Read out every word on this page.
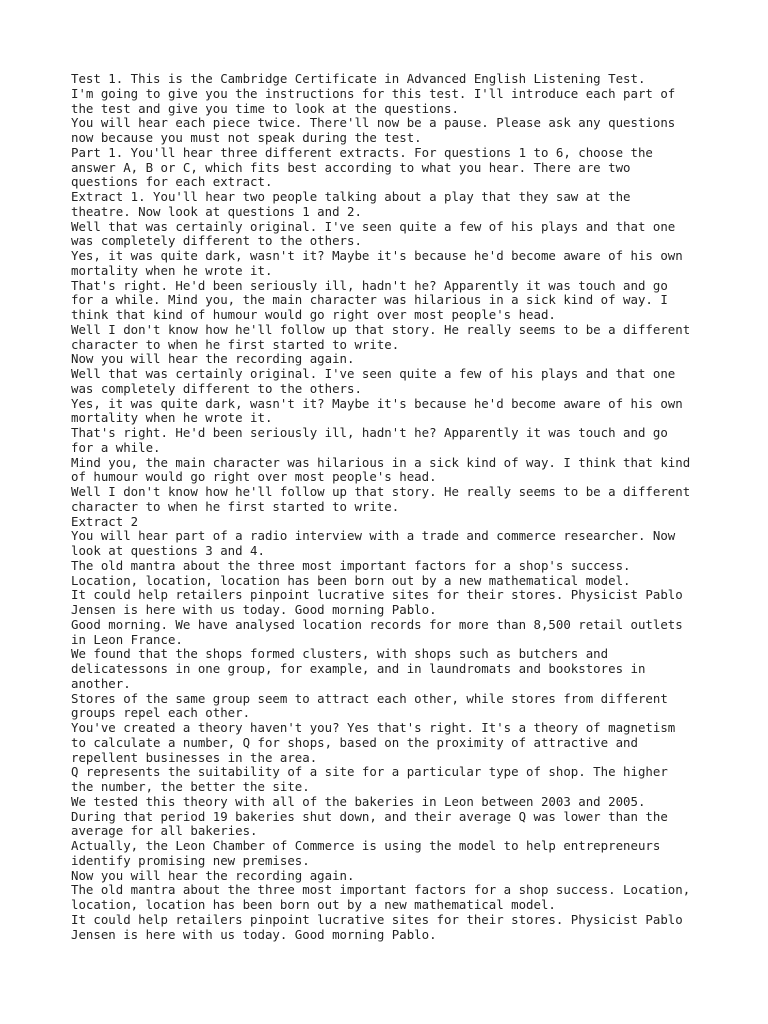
Test 1. This is the Cambridge Certificate in Advanced English Listening Test.

I'm going to give you the instructions for this test. I'll introduce each part of
the test and give you time to look at the questions.

You will hear each piece twice. There'll now be a pause. Please ask any questions
now because you must not speak during the test.

Part 1. You'll hear three different extracts. For questions 1 to 6, choose the
answer A, B or C, which fits best according to what you hear. There are two
questions for each extract.

Extract 1. You'll hear two people talking about a play that they saw at the
theatre. Now look at questions 1 and 2.

Well that was certainly original. I've seen quite a few of his plays and that one
was completely different to the others.

Yes, it was quite dark, wasn't it? Maybe it's because he'd become aware of his own
mortality when he wrote it.

That's right. He'd been seriously ill, hadn't he? Apparently it was touch and go
for a while. Mind you, the main character was hilarious in a sick kind of way. I
think that kind of humour would go right over most people's head.

Well I don't know how he'll follow up that story. He really seems to be a different
character to when he first started to write.

Now you will hear the recording again.

Well that was certainly original. I've seen quite a few of his plays and that one
was completely different to the others.

Yes, it was quite dark, wasn't it? Maybe it's because he'd become aware of his own
mortality when he wrote it.

That's right. He'd been seriously ill, hadn't he? Apparently it was touch and go
for a while.

Mind you, the main character was hilarious in a sick kind of way. I think that kind
of humour would go right over most people's head.

Well I don't know how he'll follow up that story. He really seems to be a different
character to when he first started to write.

Extract 2

You will hear part of a radio interview with a trade and commerce researcher. Now
look at questions 3 and 4.

The old mantra about the three most important factors for a shop's success.
Location, location, location has been born out by a new mathematical model.

It could help retailers pinpoint lucrative sites for their stores. Physicist Pablo
Jensen is here with us today. Good morning Pablo.

Good morning. We have analysed location records for more than 8,500 retail outlets
in Leon France.

We found that the shops formed clusters, with shops such as butchers and
delicatessons in one group, for example, and in laundromats and bookstores in
another.

Stores of the same group seem to attract each other, while stores from different
groups repel each other.

You've created a theory haven't you? Yes that's right. It's a theory of magnetism
to calculate a number, Q for shops, based on the proximity of attractive and
repellent businesses in the area.

Q represents the suitability of a site for a particular type of shop. The higher
the number, the better the site.

We tested this theory with all of the bakeries in Leon between 2003 and 2005.
During that period 19 bakeries shut down, and their average Q was lower than the
average for all bakeries.

Actually, the Leon Chamber of Commerce is using the model to help entrepreneurs
identify promising new premises.

Now you will hear the recording again.

The old mantra about the three most important factors for a shop success. Location,
location, location has been born out by a new mathematical model.

It could help retailers pinpoint lucrative sites for their stores. Physicist Pablo
Jensen is here with us today. Good morning Pablo.
